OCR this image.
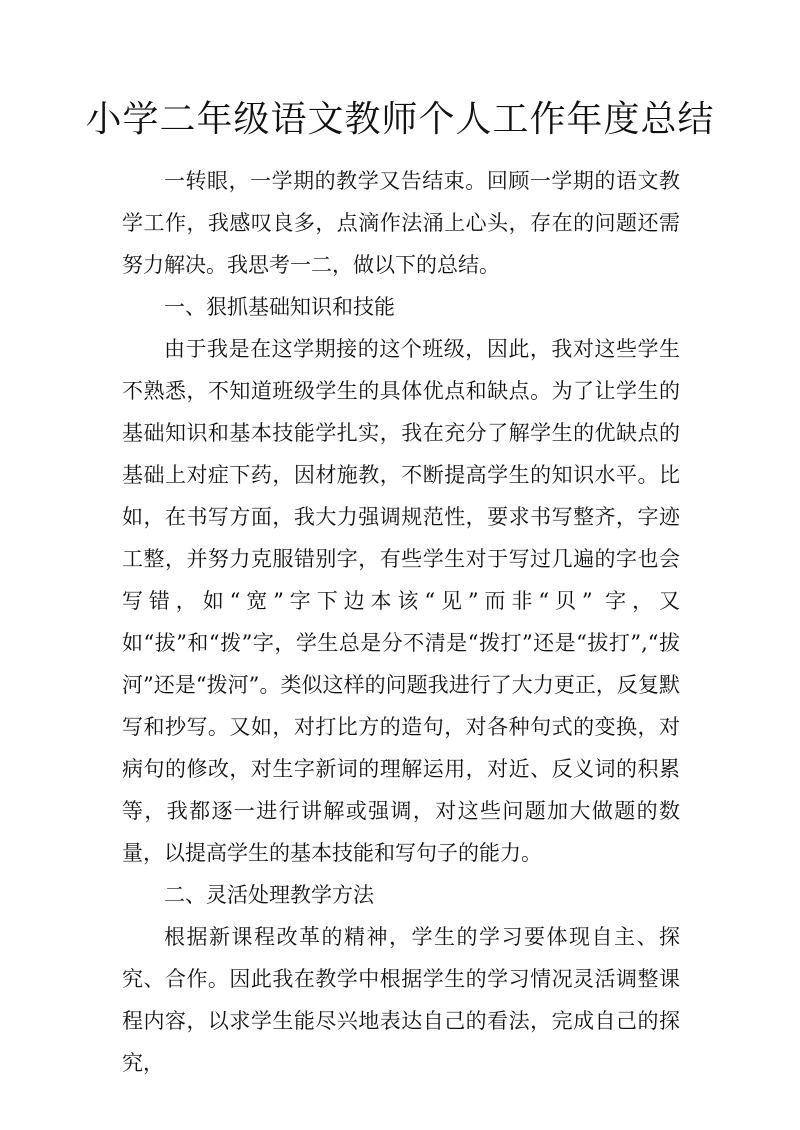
小学二年级语文教师个人工作年度总结

一转眼，一学期的教学又告结束。回顾一学期的语文教学工作，我感叹良多，点滴作法涌上心头，存在的问题还需努力解决。我思考一二，做以下的总结。

一、狠抓基础知识和技能

由于我是在这学期接的这个班级，因此，我对这些学生不熟悉，不知道班级学生的具体优点和缺点。为了让学生的基础知识和基本技能学扎实，我在充分了解学生的优缺点的基础上对症下药，因材施教，不断提高学生的知识水平。比如，在书写方面，我大力强调规范性，要求书写整齐，字迹工整，并努力克服错别字，有些学生对于写过几遍的字也会写错，如“宽”字下边本该“见”而非“贝” 字，又如“拔”和“拨”字，学生总是分不清是“拨打”还是“拔打”,“拔河”还是“拨河”。类似这样的问题我进行了大力更正，反复默写和抄写。又如，对打比方的造句，对各种句式的变换，对病句的修改，对生字新词的理解运用，对近、反义词的积累等，我都逐一进行讲解或强调，对这些问题加大做题的数量，以提高学生的基本技能和写句子的能力。

二、灵活处理教学方法

根据新课程改革的精神，学生的学习要体现自主、探究、合作。因此我在教学中根据学生的学习情况灵活调整课程内容，以求学生能尽兴地表达自己的看法，完成自己的探究，
